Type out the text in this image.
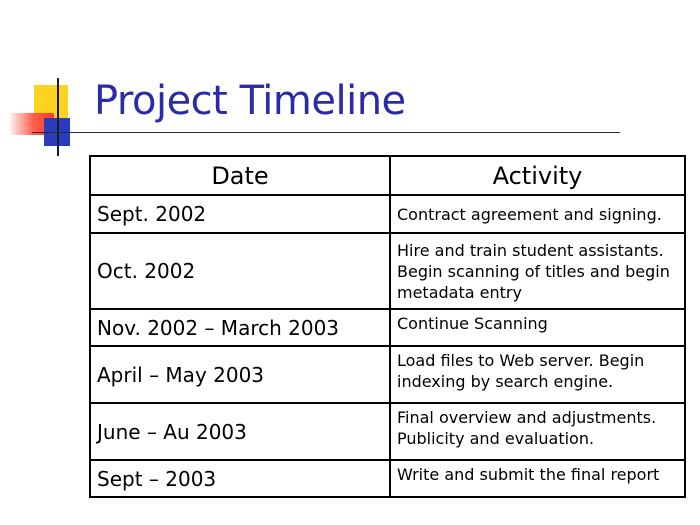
Project Timeline
Date	Activity
Sept. 2002	Contract agreement and signing.
Oct. 2002	Hire and train student assistants. Begin scanning of titles and begin metadata entry
Nov. 2002 – March 2003	Continue Scanning
April – May 2003	Load files to Web server. Begin indexing by search engine.
June – Au 2003	Final overview and adjustments. Publicity and evaluation.
Sept – 2003	Write and submit the final report
